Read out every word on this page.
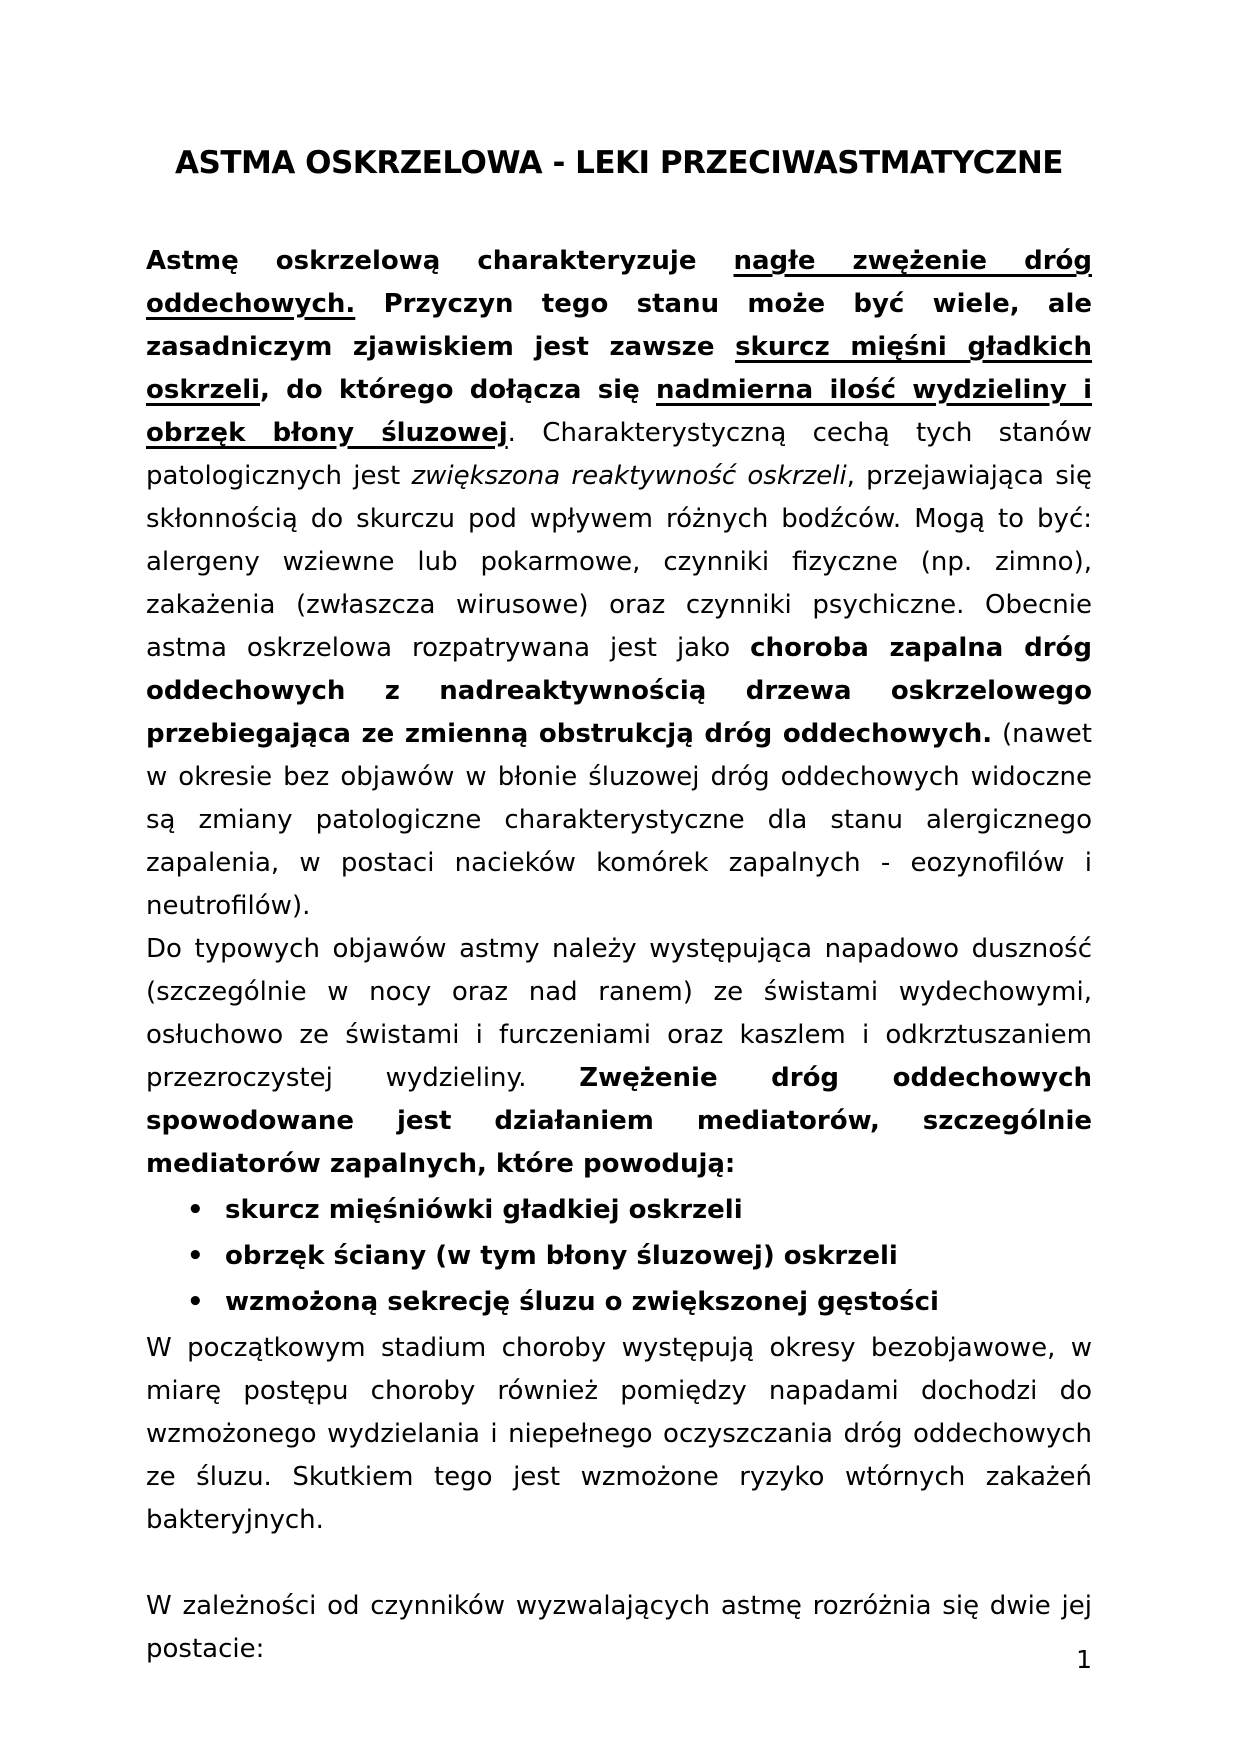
ASTMA OSKRZELOWA - LEKI PRZECIWASTMATYCZNE

Astmę oskrzelową charakteryzuje nagłe zwężenie dróg oddechowych. Przyczyn tego stanu może być wiele, ale zasadniczym zjawiskiem jest zawsze skurcz mięśni gładkich oskrzeli, do którego dołącza się nadmierna ilość wydzieliny i obrzęk błony śluzowej. Charakterystyczną cechą tych stanów patologicznych jest zwiększona reaktywność oskrzeli, przejawiająca się skłonnością do skurczu pod wpływem różnych bodźców. Mogą to być: alergeny wziewne lub pokarmowe, czynniki fizyczne (np. zimno), zakażenia (zwłaszcza wirusowe) oraz czynniki psychiczne. Obecnie astma oskrzelowa rozpatrywana jest jako choroba zapalna dróg oddechowych z nadreaktywnością drzewa oskrzelowego przebiegająca ze zmienną obstrukcją dróg oddechowych. (nawet w okresie bez objawów w błonie śluzowej dróg oddechowych widoczne są zmiany patologiczne charakterystyczne dla stanu alergicznego zapalenia, w postaci nacieków komórek zapalnych - eozynofilów i neutrofilów).

Do typowych objawów astmy należy występująca napadowo duszność (szczególnie w nocy oraz nad ranem) ze świstami wydechowymi, osłuchowo ze świstami i furczeniami oraz kaszlem i odkrztuszaniem przezroczystej wydzieliny. Zwężenie dróg oddechowych spowodowane jest działaniem mediatorów, szczególnie mediatorów zapalnych, które powodują:

• skurcz mięśniówki gładkiej oskrzeli
• obrzęk ściany (w tym błony śluzowej) oskrzeli
• wzmożoną sekrecję śluzu o zwiększonej gęstości

W początkowym stadium choroby występują okresy bezobjawowe, w miarę postępu choroby również pomiędzy napadami dochodzi do wzmożonego wydzielania i niepełnego oczyszczania dróg oddechowych ze śluzu. Skutkiem tego jest wzmożone ryzyko wtórnych zakażeń bakteryjnych.

W zależności od czynników wyzwalających astmę rozróżnia się dwie jej postacie:	1
